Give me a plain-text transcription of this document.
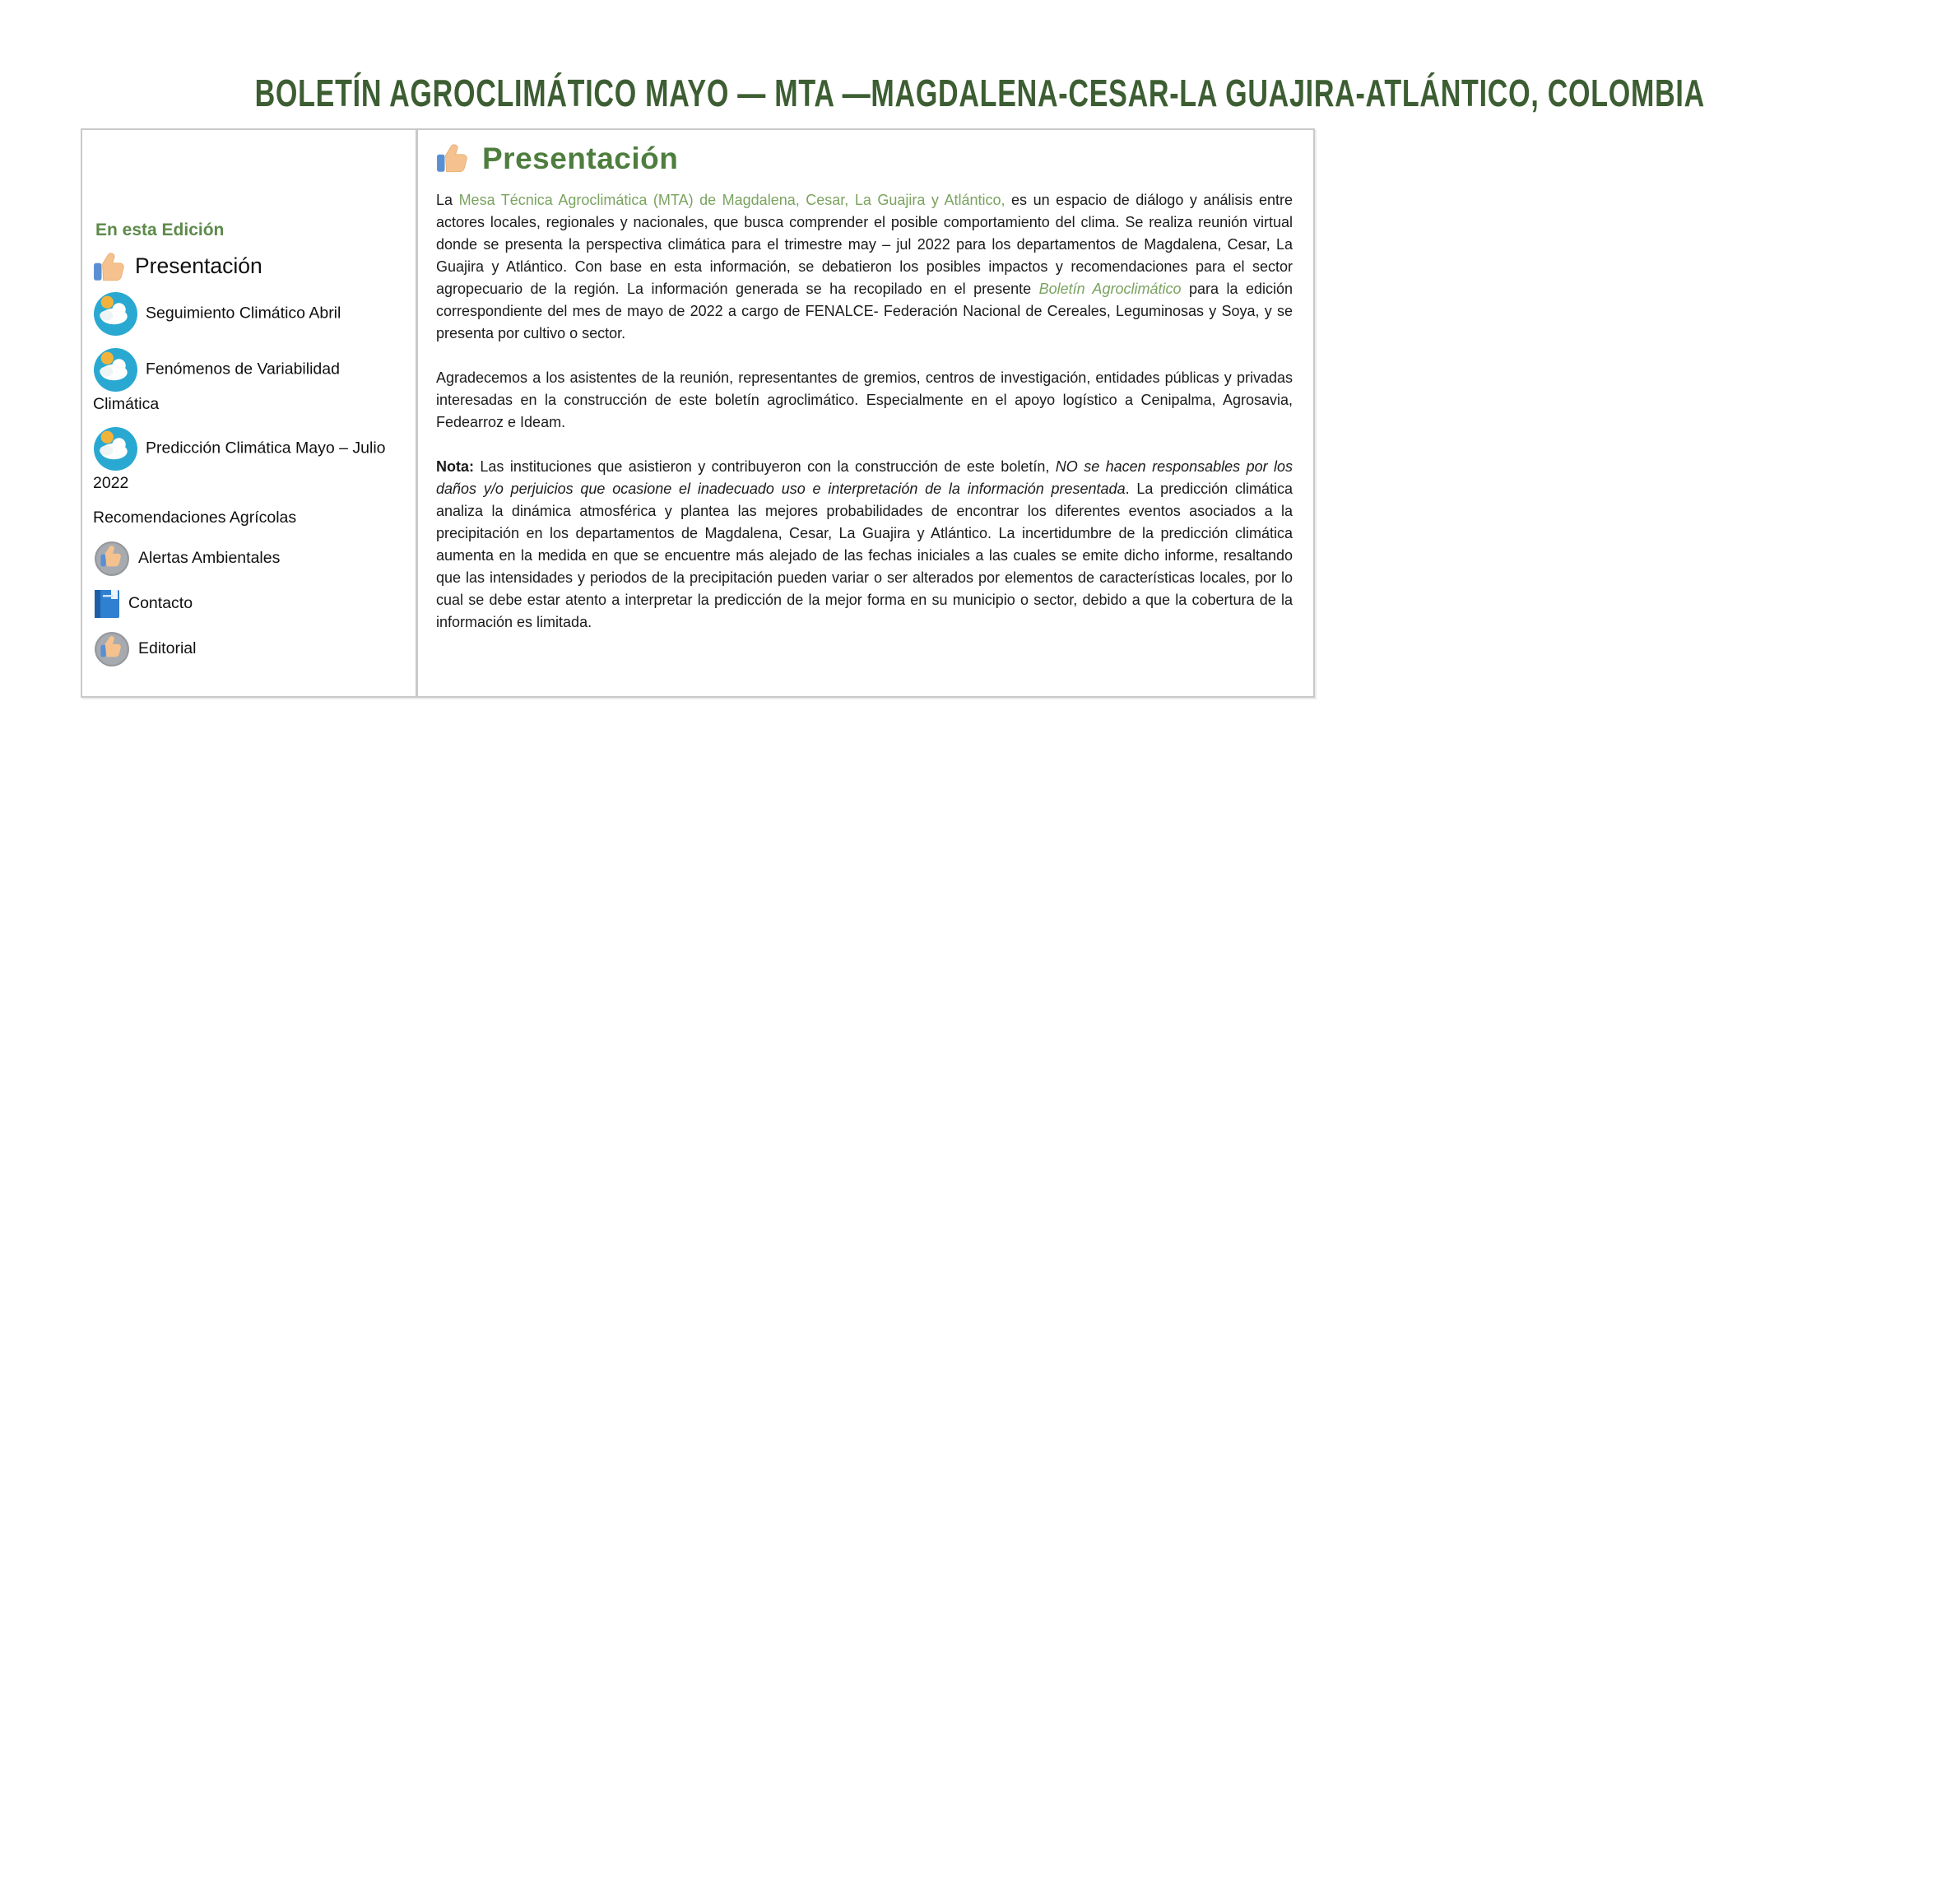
BOLETÍN AGROCLIMÁTICO MAYO — MTA —MAGDALENA-CESAR-LA GUAJIRA-ATLÁNTICO, COLOMBIA
En esta Edición
Presentación
Seguimiento Climático Abril
Fenómenos de Variabilidad Climática
Predicción Climática Mayo – Julio 2022
Recomendaciones Agrícolas
Alertas Ambientales
Contacto
Editorial
Presentación

La Mesa Técnica Agroclimática (MTA) de Magdalena, Cesar, La Guajira y Atlántico, es un espacio de diálogo y análisis entre actores locales, regionales y nacionales, que busca comprender el posible comportamiento del clima. Se realiza reunión virtual donde se presenta la perspectiva climática para el trimestre may – jul 2022 para los departamentos de Magdalena, Cesar, La Guajira y Atlántico. Con base en esta información, se debatieron los posibles impactos y recomendaciones para el sector agropecuario de la región. La información generada se ha recopilado en el presente Boletín Agroclimático para la edición correspondiente del mes de mayo de 2022 a cargo de FENALCE- Federación Nacional de Cereales, Leguminosas y Soya, y se presenta por cultivo o sector.

Agradecemos a los asistentes de la reunión, representantes de gremios, centros de investigación, entidades públicas y privadas interesadas en la construcción de este boletín agroclimático. Especialmente en el apoyo logístico a Cenipalma, Agrosavia, Fedearroz e Ideam.

Nota: Las instituciones que asistieron y contribuyeron con la construcción de este boletín, NO se hacen responsables por los daños y/o perjuicios que ocasione el inadecuado uso e interpretación de la información presentada. La predicción climática analiza la dinámica atmosférica y plantea las mejores probabilidades de encontrar los diferentes eventos asociados a la precipitación en los departamentos de Magdalena, Cesar, La Guajira y Atlántico. La incertidumbre de la predicción climática aumenta en la medida en que se encuentre más alejado de las fechas iniciales a las cuales se emite dicho informe, resaltando que las intensidades y periodos de la precipitación pueden variar o ser alterados por elementos de características locales, por lo cual se debe estar atento a interpretar la predicción de la mejor forma en su municipio o sector, debido a que la cobertura de la información es limitada.
